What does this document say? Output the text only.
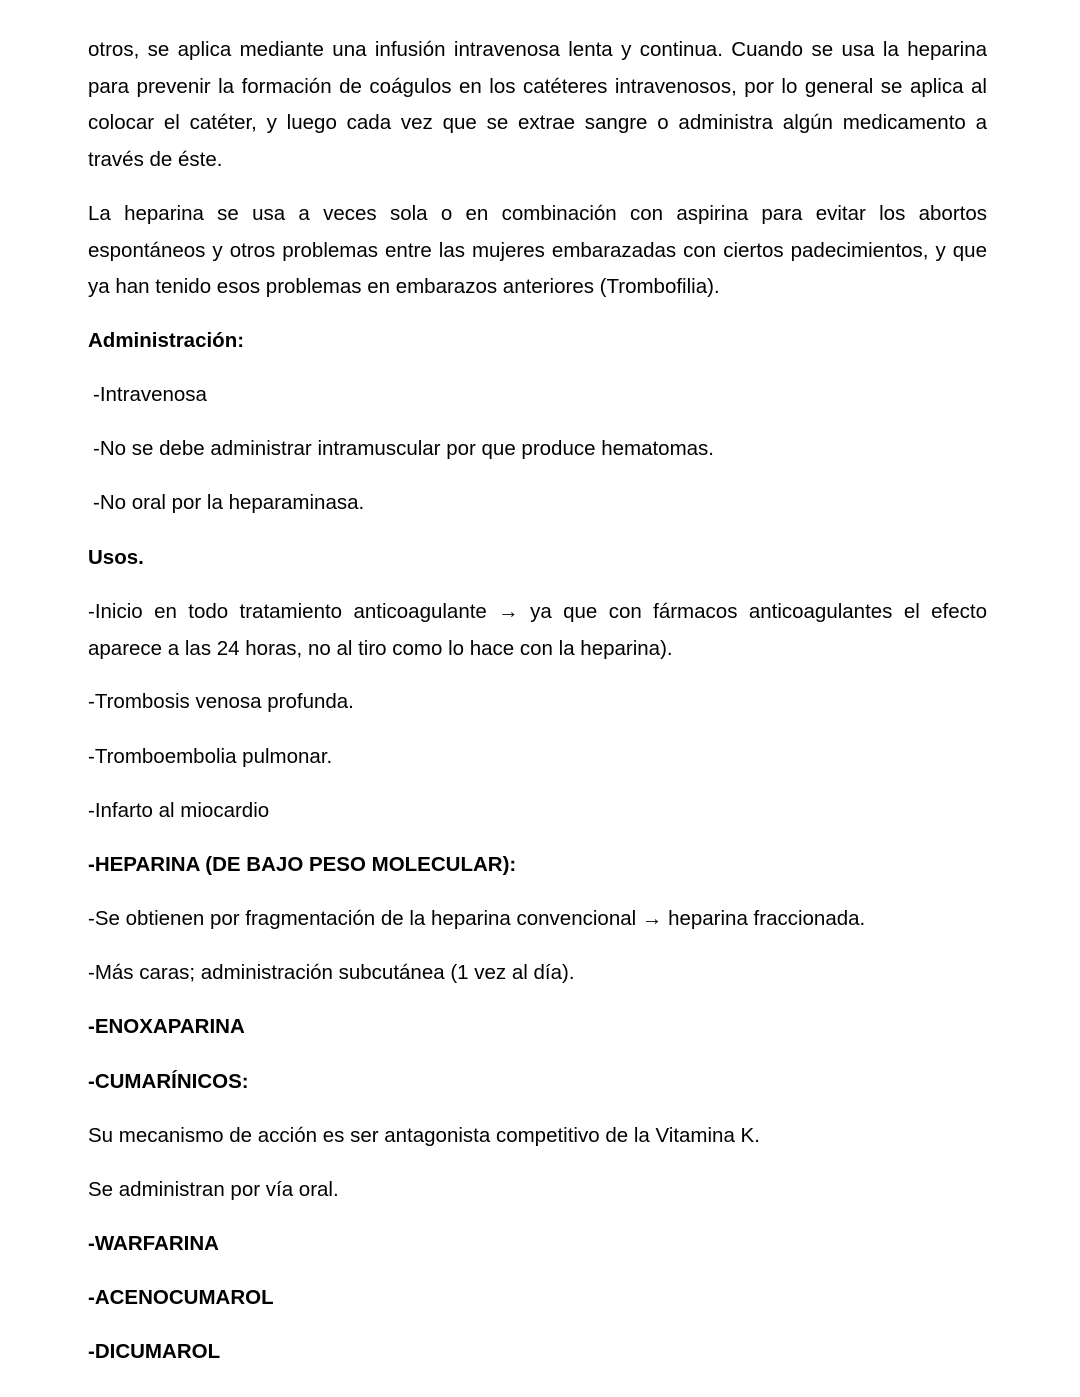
otros, se aplica mediante una infusión intravenosa lenta y continua. Cuando se usa la heparina
para prevenir la formación de coágulos en los catéteres intravenosos, por lo general se aplica al
colocar el catéter, y luego cada vez que se extrae sangre o administra algún medicamento a
través de éste.
La heparina se usa a veces sola o en combinación con aspirina para evitar los abortos
espontáneos y otros problemas entre las mujeres embarazadas con ciertos padecimientos, y que
ya han tenido esos problemas en embarazos anteriores (Trombofilia).
Administración:
-Intravenosa
-No se debe administrar intramuscular por que produce hematomas.
-No oral por la heparaminasa.
Usos.
-Inicio en todo tratamiento anticoagulante → ya que con fármacos anticoagulantes el efecto
aparece a las 24 horas, no al tiro como lo hace con la heparina).
-Trombosis venosa profunda.
-Tromboembolia pulmonar.
-Infarto al miocardio
-HEPARINA (DE BAJO PESO MOLECULAR):
-Se obtienen por fragmentación de la heparina convencional → heparina fraccionada.
-Más caras; administración subcutánea (1 vez al día).
-ENOXAPARINA
-CUMARÍNICOS:
Su mecanismo de acción es ser antagonista competitivo de la Vitamina K.
Se administran por vía oral.
-WARFARINA
-ACENOCUMAROL
-DICUMAROL
